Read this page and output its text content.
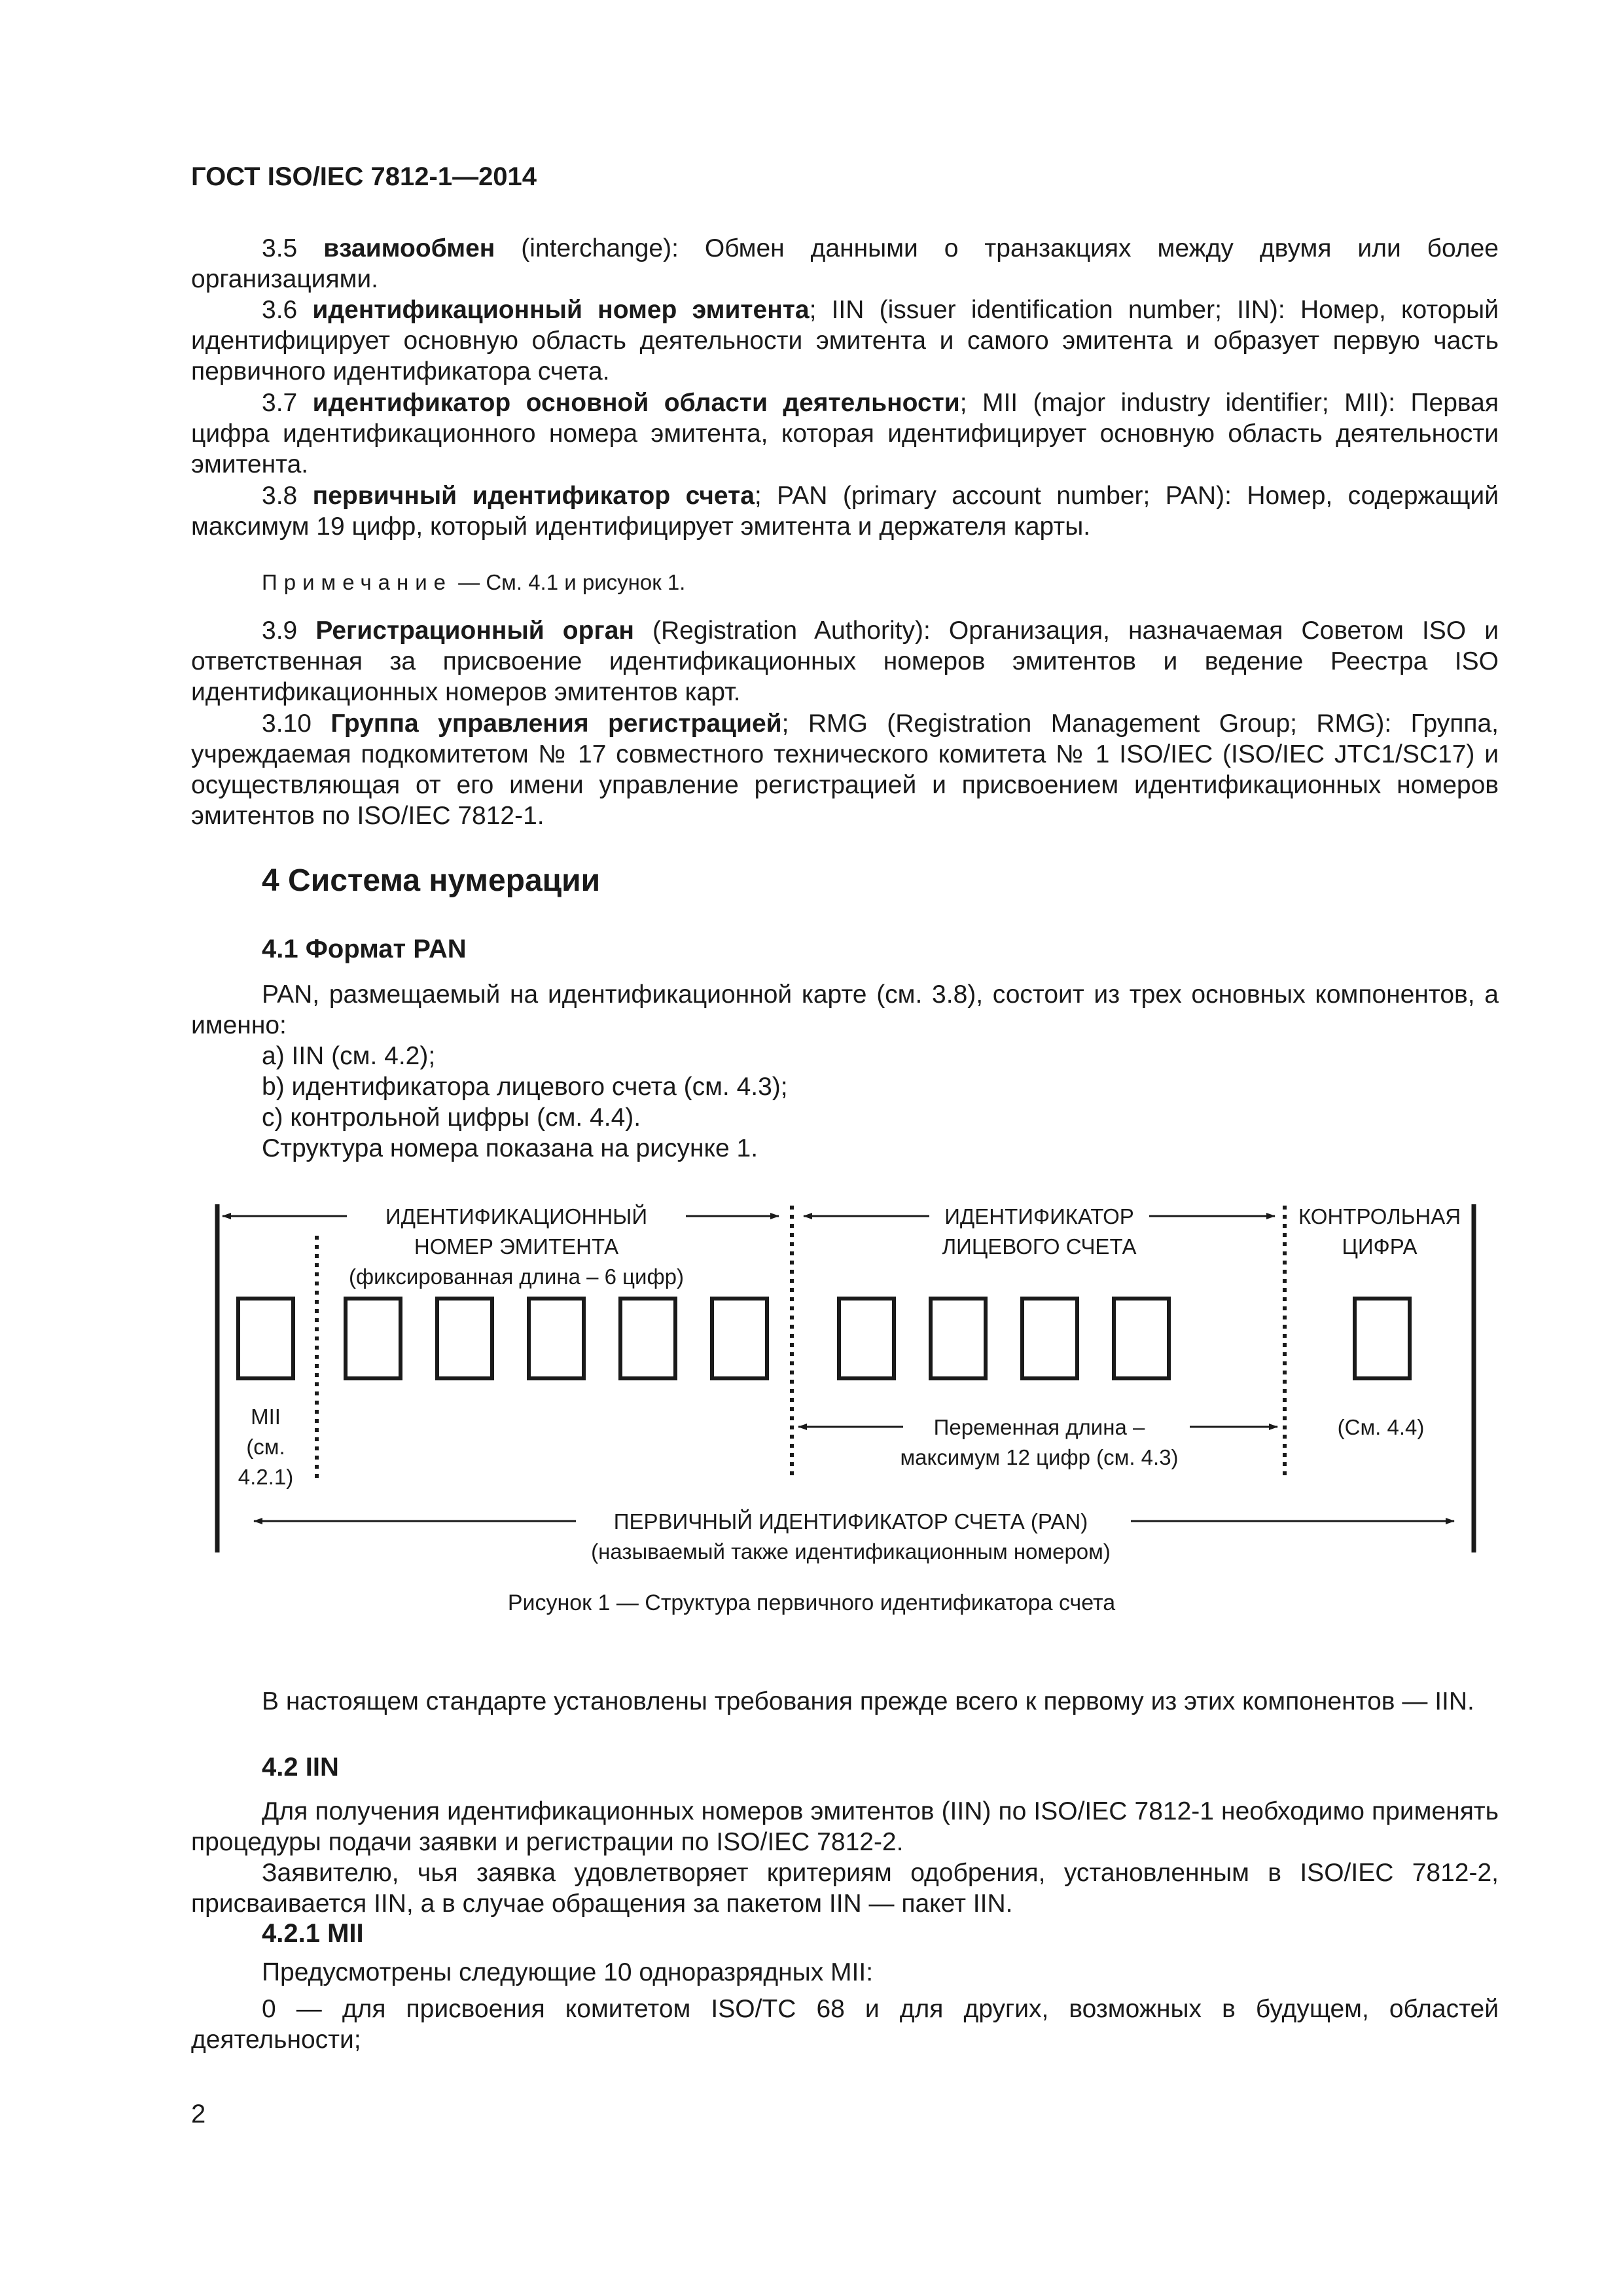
ГОСТ ISO/IEC 7812-1—2014
3.5 взаимообмен (interchange): Обмен данными о транзакциях между двумя или более организациями.
3.6 идентификационный номер эмитента; IIN (issuer identification number; IIN): Номер, который идентифицирует основную область деятельности эмитента и самого эмитента и образует первую часть первичного идентификатора счета.
3.7 идентификатор основной области деятельности; MII (major industry identifier; MII): Первая цифра идентификационного номера эмитента, которая идентифицирует основную область деятельности эмитента.
3.8 первичный идентификатор счета; PAN (primary account number; PAN): Номер, содержащий максимум 19 цифр, который идентифицирует эмитента и держателя карты.
Примечание — См. 4.1 и рисунок 1.
3.9 Регистрационный орган (Registration Authority): Организация, назначаемая Советом ISO и ответственная за присвоение идентификационных номеров эмитентов и ведение Реестра ISO идентификационных номеров эмитентов карт.
3.10 Группа управления регистрацией; RMG (Registration Management Group; RMG): Группа, учреждаемая подкомитетом № 17 совместного технического комитета № 1 ISO/IEC (ISO/IEC JTC1/SC17) и осуществляющая от его имени управление регистрацией и присвоением идентификационных номеров эмитентов по ISO/IEC 7812-1.
4 Система нумерации
4.1 Формат PAN
PAN, размещаемый на идентификационной карте (см. 3.8), состоит из трех основных компонентов, а именно:
a) IIN (см. 4.2);
b) идентификатора лицевого счета (см. 4.3);
c) контрольной цифры (см. 4.4).
Структура номера показана на рисунке 1.
ИДЕНТИФИКАЦИОННЫЙ
НОМЕР ЭМИТЕНТА
(фиксированная длина – 6 цифр)
ИДЕНТИФИКАТОР
ЛИЦЕВОГО СЧЕТА
КОНТРОЛЬНАЯ
ЦИФРА
MII
(см.
4.2.1)
Переменная длина –
максимум 12 цифр (см. 4.3)
(См. 4.4)
ПЕРВИЧНЫЙ ИДЕНТИФИКАТОР СЧЕТА (PAN)
(называемый также идентификационным номером)
Рисунок 1 — Структура первичного идентификатора счета
В настоящем стандарте установлены требования прежде всего к первому из этих компонентов — IIN.
4.2 IIN
Для получения идентификационных номеров эмитентов (IIN) по ISO/IEC 7812-1 необходимо применять процедуры подачи заявки и регистрации по ISO/IEC 7812-2.
Заявителю, чья заявка удовлетворяет критериям одобрения, установленным в ISO/IEC 7812-2, присваивается IIN, а в случае обращения за пакетом IIN — пакет IIN.
4.2.1 MII
Предусмотрены следующие 10 одноразрядных MII:
0 — для присвоения комитетом ISO/TC 68 и для других, возможных в будущем, областей деятельности;
2
